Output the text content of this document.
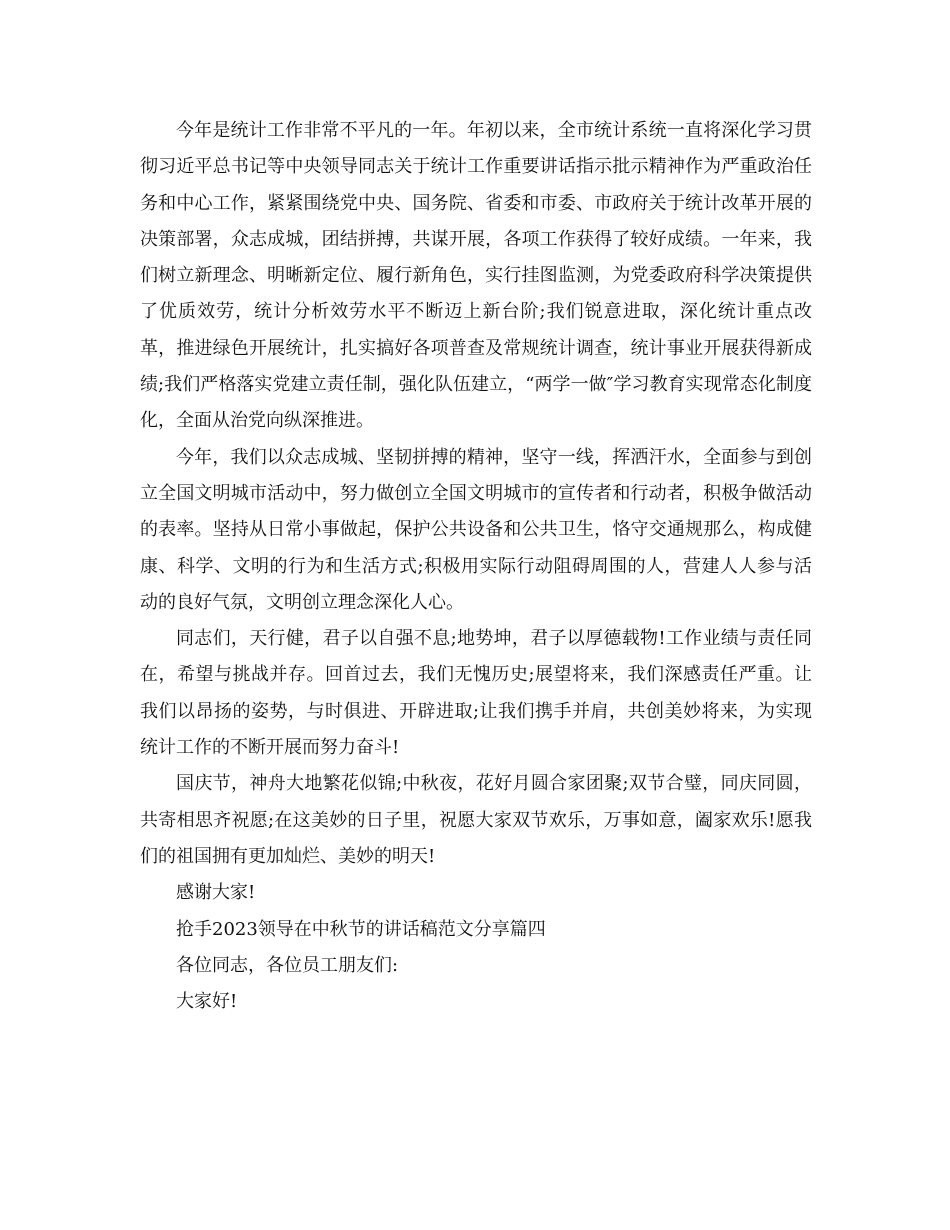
今年是统计工作非常不平凡的一年。年初以来，全市统计系统一直将深化学习贯彻习近平总书记等中央领导同志关于统计工作重要讲话指示批示精神作为严重政治任务和中心工作，紧紧围绕党中央、国务院、省委和市委、市政府关于统计改革开展的决策部署，众志成城，团结拼搏，共谋开展，各项工作获得了较好成绩。一年来，我们树立新理念、明晰新定位、履行新角色，实行挂图监测，为党委政府科学决策提供了优质效劳，统计分析效劳水平不断迈上新台阶;我们锐意进取，深化统计重点改革，推进绿色开展统计，扎实搞好各项普查及常规统计调查，统计事业开展获得新成绩;我们严格落实党建立责任制，强化队伍建立，“两学一做″学习教育实现常态化制度化，全面从治党向纵深推进。

今年，我们以众志成城、坚韧拼搏的精神，坚守一线，挥洒汗水，全面参与到创立全国文明城市活动中，努力做创立全国文明城市的宣传者和行动者，积极争做活动的表率。坚持从日常小事做起，保护公共设备和公共卫生，恪守交通规那么，构成健康、科学、文明的行为和生活方式;积极用实际行动阻碍周围的人，营建人人参与活动的良好气氛，文明创立理念深化人心。

同志们，天行健，君子以自强不息;地势坤，君子以厚德载物!工作业绩与责任同在，希望与挑战并存。回首过去，我们无愧历史;展望将来，我们深感责任严重。让我们以昂扬的姿势，与时俱进、开辟进取;让我们携手并肩，共创美妙将来，为实现统计工作的不断开展而努力奋斗!

国庆节，神舟大地繁花似锦;中秋夜，花好月圆合家团聚;双节合璧，同庆同圆，共寄相思齐祝愿;在这美妙的日子里，祝愿大家双节欢乐，万事如意，阖家欢乐!愿我们的祖国拥有更加灿烂、美妙的明天!

感谢大家!

抢手2023领导在中秋节的讲话稿范文分享篇四

各位同志，各位员工朋友们:

大家好!
